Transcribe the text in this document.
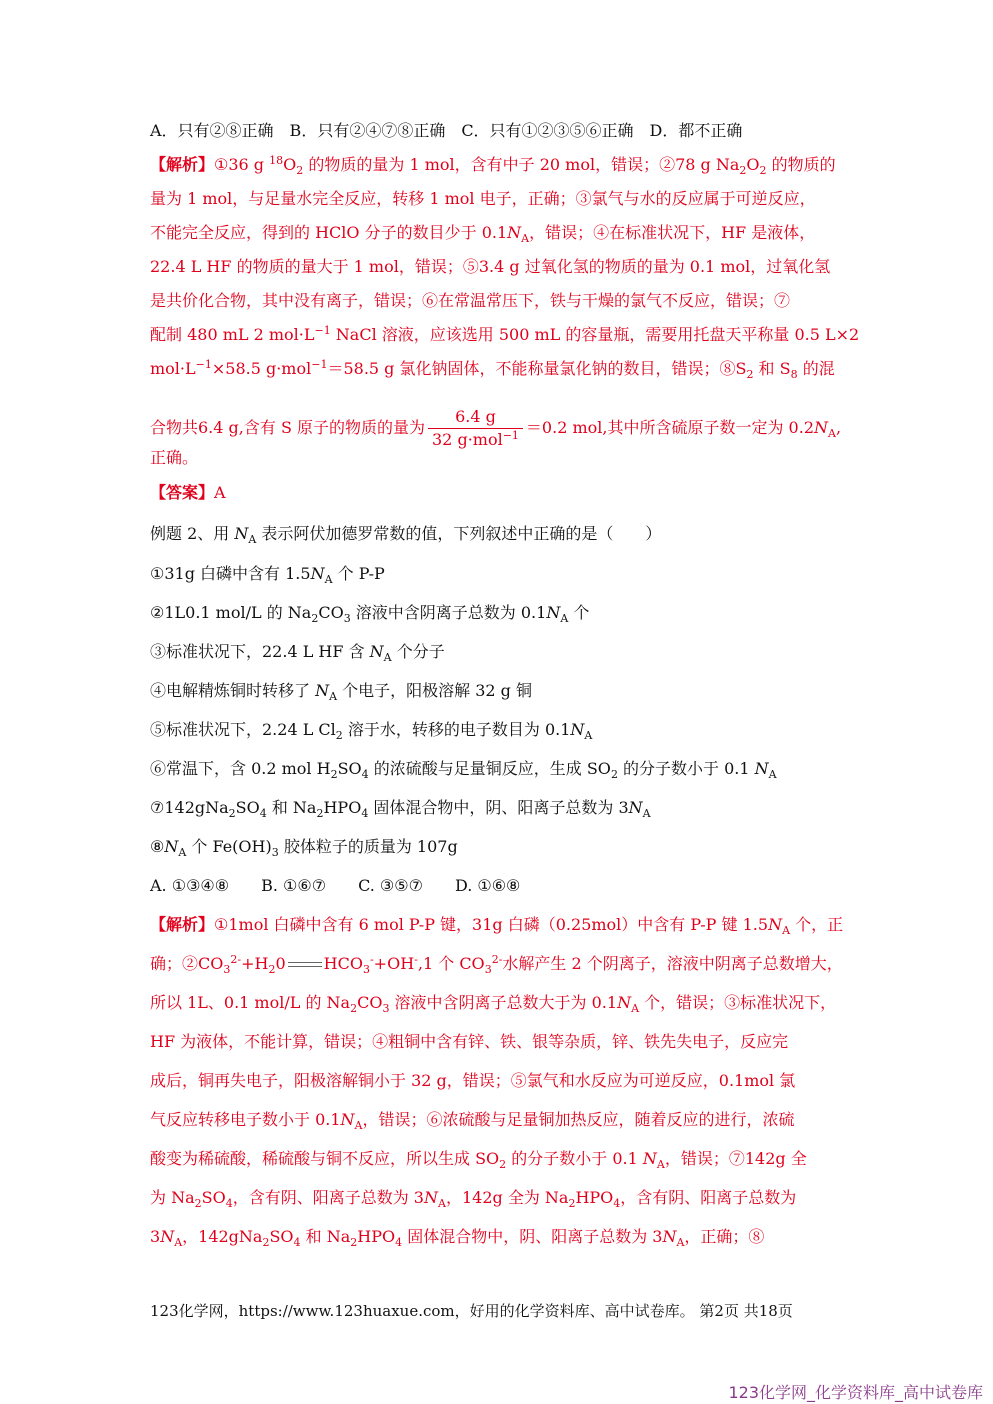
A．只有②⑧正确　B．只有②④⑦⑧正确　C．只有①②③⑤⑥正确　D．都不正确
【解析】①36 g $^{18}O_2$ 的物质的量为 1 mol，含有中子 20 mol，错误；②78 g $Na_2O_2$ 的物质的
量为 1 mol，与足量水完全反应，转移 1 mol 电子，正确；③氯气与水的反应属于可逆反应，
不能完全反应，得到的 HClO 分子的数目少于 $0.1N_A$，错误；④在标准状况下，HF 是液体，
22.4 L HF 的物质的量大于 1 mol，错误；⑤3.4 g 过氧化氢的物质的量为 0.1 mol，过氧化氢
是共价化合物，其中没有离子，错误；⑥在常温常压下，铁与干燥的氯气不反应，错误；⑦
配制 480 mL 2 $mol\cdot L^{-1}$ NaCl 溶液，应该选用 500 mL 的容量瓶，需要用托盘天平称量 0.5 L×2
$mol\cdot L^{-1}\times 58.5$ g·mol$^{-1}$＝58.5 g 氯化钠固体，不能称量氯化钠的数目，错误；$⑧S_2$ 和 $S_8$ 的混
合物共6.4 g,含有 S 原子的物质的量为 $\frac{6.4 g}{32 g\cdot mol^{-1}} =0.2$ mol,其中所含硫原子数一定为 $0.2N_A$,
正确。
【答案】A
例题 2、用 $N_A$ 表示阿伏加德罗常数的值，下列叙述中正确的是（　　）
①31g 白磷中含有 $1.5N_A$ 个 P-P
②1L0.1 mol/L 的 $Na_2CO_3$ 溶液中含阴离子总数为 $0.1N_A$ 个
③标准状况下，22.4 L HF 含 $N_A$ 个分子
④电解精炼铜时转移了 $N_A$ 个电子，阳极溶解 32 g 铜
⑤标准状况下，2.24 L $Cl_2$ 溶于水，转移的电子数目为 $0.1N_A$
⑥常温下，含 0.2 mol $H_2SO_4$ 的浓硫酸与足量铜反应，生成 $SO_2$ 的分子数小于 0.1 $N_A$
$⑦142gNa_2SO_4$ 和 $Na_2HPO_4$ 固体混合物中，阴、阳离子总数为 $3N_A$
$⑧N_A$ 个 $Fe(OH)_3$ 胶体粒子的质量为 107g
A. ①③④⑧　　B. ①⑥⑦　　C. ③⑤⑦　　D. ①⑥⑧
【解析】①1mol 白磷中含有 6 mol P-P 键，31g 白磷（0.25mol）中含有 P-P 键 $1.5N_A$ 个，正
确；$②CO_3^{2-}+H_20$ $HCO_3^-+OH^-,1$ 个 $CO_3^{2-}$水解产生 2 个阴离子，溶液中阴离子总数增大，
所以 1L、0.1 mol/L 的 $Na_2CO_3$ 溶液中含阴离子总数大于为 $0.1N_A$ 个，错误；③标准状况下，
HF 为液体，不能计算，错误；④粗铜中含有锌、铁、银等杂质，锌、铁先失电子，反应完
成后，铜再失电子，阳极溶解铜小于 32 g，错误；⑤氯气和水反应为可逆反应，0.1mol 氯
气反应转移电子数小于 $0.1N_A$，错误；⑥浓硫酸与足量铜加热反应，随着反应的进行，浓硫
酸变为稀硫酸，稀硫酸与铜不反应，所以生成 $SO_2$ 的分子数小于 0.1 $N_A$，错误；⑦142g 全
为 $Na_2SO_4$，含有阴、阳离子总数为 $3N_A$，142g 全为 $Na_2HPO_4$，含有阴、阳离子总数为
$3N_A$，$142gNa_2SO_4$ 和 $Na_2HPO_4$ 固体混合物中，阴、阳离子总数为 $3N_A$，正确；⑧
123化学网，https://www.123huaxue.com，好用的化学资料库、高中试卷库。 第2页 共18页
123化学网_化学资料库_高中试卷库
